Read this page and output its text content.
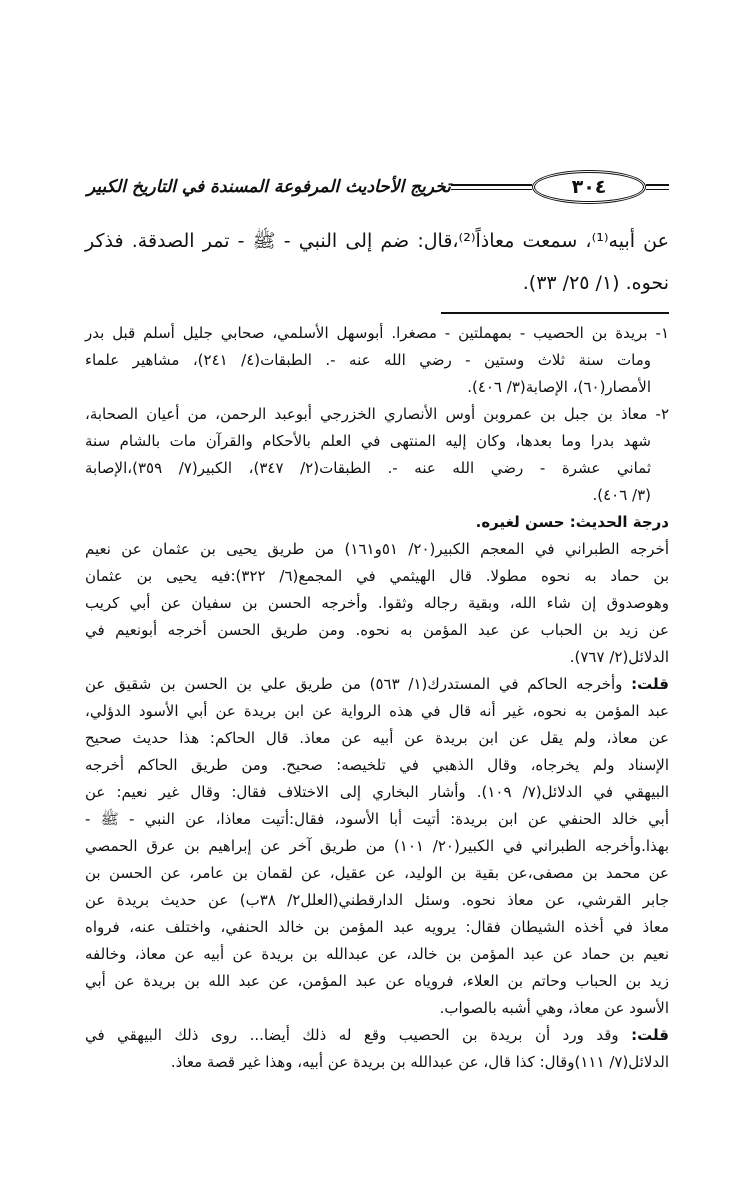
٣٠٤
تخريج الأحاديث المرفوعة المسندة في التاريخ الكبير
عن أبيه⁽¹⁾، سمعت معاذاً⁽²⁾،قال: ضم إلى النبي - ﷺ - تمر الصدقة. فذكر
نحوه. (١/ ٢٥/ ٣٣).
١- بريدة بن الحصيب - بمهملتين - مصغرا. أبوسهل الأسلمي، صحابي جليل أسلم قبل بدر
ومات سنة ثلاث وستين - رضي الله عنه -. الطبقات(٤/ ٢٤١)، مشاهير علماء
الأمصار(٦٠)، الإصابة(٣/ ٤٠٦).
٢- معاذ بن جبل بن عمروبن أوس الأنصاري الخزرجي أبوعبد الرحمن، من أعيان الصحابة،
شهد بدرا وما بعدها، وكان إليه المنتهى في العلم بالأحكام والقرآن مات بالشام سنة
ثماني عشرة - رضي الله عنه -. الطبقات(٢/ ٣٤٧)، الكبير(٧/ ٣٥٩)،الإصابة
(٣/ ٤٠٦).
درجة الحديث: حسن لغيره.
أخرجه الطبراني في المعجم الكبير(٢٠/ ٥١و١٦١) من طريق يحيى بن عثمان عن نعيم
بن حماد به نحوه مطولا. قال الهيثمي في المجمع(٦/ ٣٢٢):فيه يحيى بن عثمان
وهوصدوق إن شاء الله، وبقية رجاله وثقوا. وأخرجه الحسن بن سفيان عن أبي كريب
عن زيد بن الحباب عن عبد المؤمن به نحوه. ومن طريق الحسن أخرجه أبونعيم في
الدلائل(٢/ ٧٦٧).
قلت: وأخرجه الحاكم في المستدرك(١/ ٥٦٣) من طريق علي بن الحسن بن شقيق عن
عبد المؤمن به نحوه، غير أنه قال في هذه الرواية عن ابن بريدة عن أبي الأسود الدؤلي،
عن معاذ، ولم يقل عن ابن بريدة عن أبيه عن معاذ. قال الحاكم: هذا حديث صحيح
الإسناد ولم يخرجاه، وقال الذهبي في تلخيصه: صحيح. ومن طريق الحاكم أخرجه
البيهقي في الدلائل(٧/ ١٠٩). وأشار البخاري إلى الاختلاف فقال: وقال غير نعيم: عن
أبي خالد الحنفي عن ابن بريدة: أتيت أبا الأسود، فقال:أتيت معاذا، عن النبي - ﷺ -
بهذا.وأخرجه الطبراني في الكبير(٢٠/ ١٠١) من طريق آخر عن إبراهيم بن عرق الحمصي
عن محمد بن مصفى،عن بقية بن الوليد، عن عقيل، عن لقمان بن عامر، عن الحسن بن
جابر القرشي، عن معاذ نحوه. وسئل الدارقطني(العلل٢/ ٣٨ب) عن حديث بريدة عن
معاذ في أخذه الشيطان فقال: يرويه عبد المؤمن بن خالد الحنفي، واختلف عنه، فرواه
نعيم بن حماد عن عبد المؤمن بن خالد، عن عبدالله بن بريدة عن أبيه عن معاذ، وخالفه
زيد بن الحباب وحاتم بن العلاء، فروياه عن عبد المؤمن، عن عبد الله بن بريدة عن أبي
الأسود عن معاذ، وهي أشبه بالصواب.
قلت: وقد ورد أن بريدة بن الحصيب وقع له ذلك أيضا... روى ذلك البيهقي في
الدلائل(٧/ ١١١)وقال: كذا قال، عن عبدالله بن بريدة عن أبيه، وهذا غير قصة معاذ.
